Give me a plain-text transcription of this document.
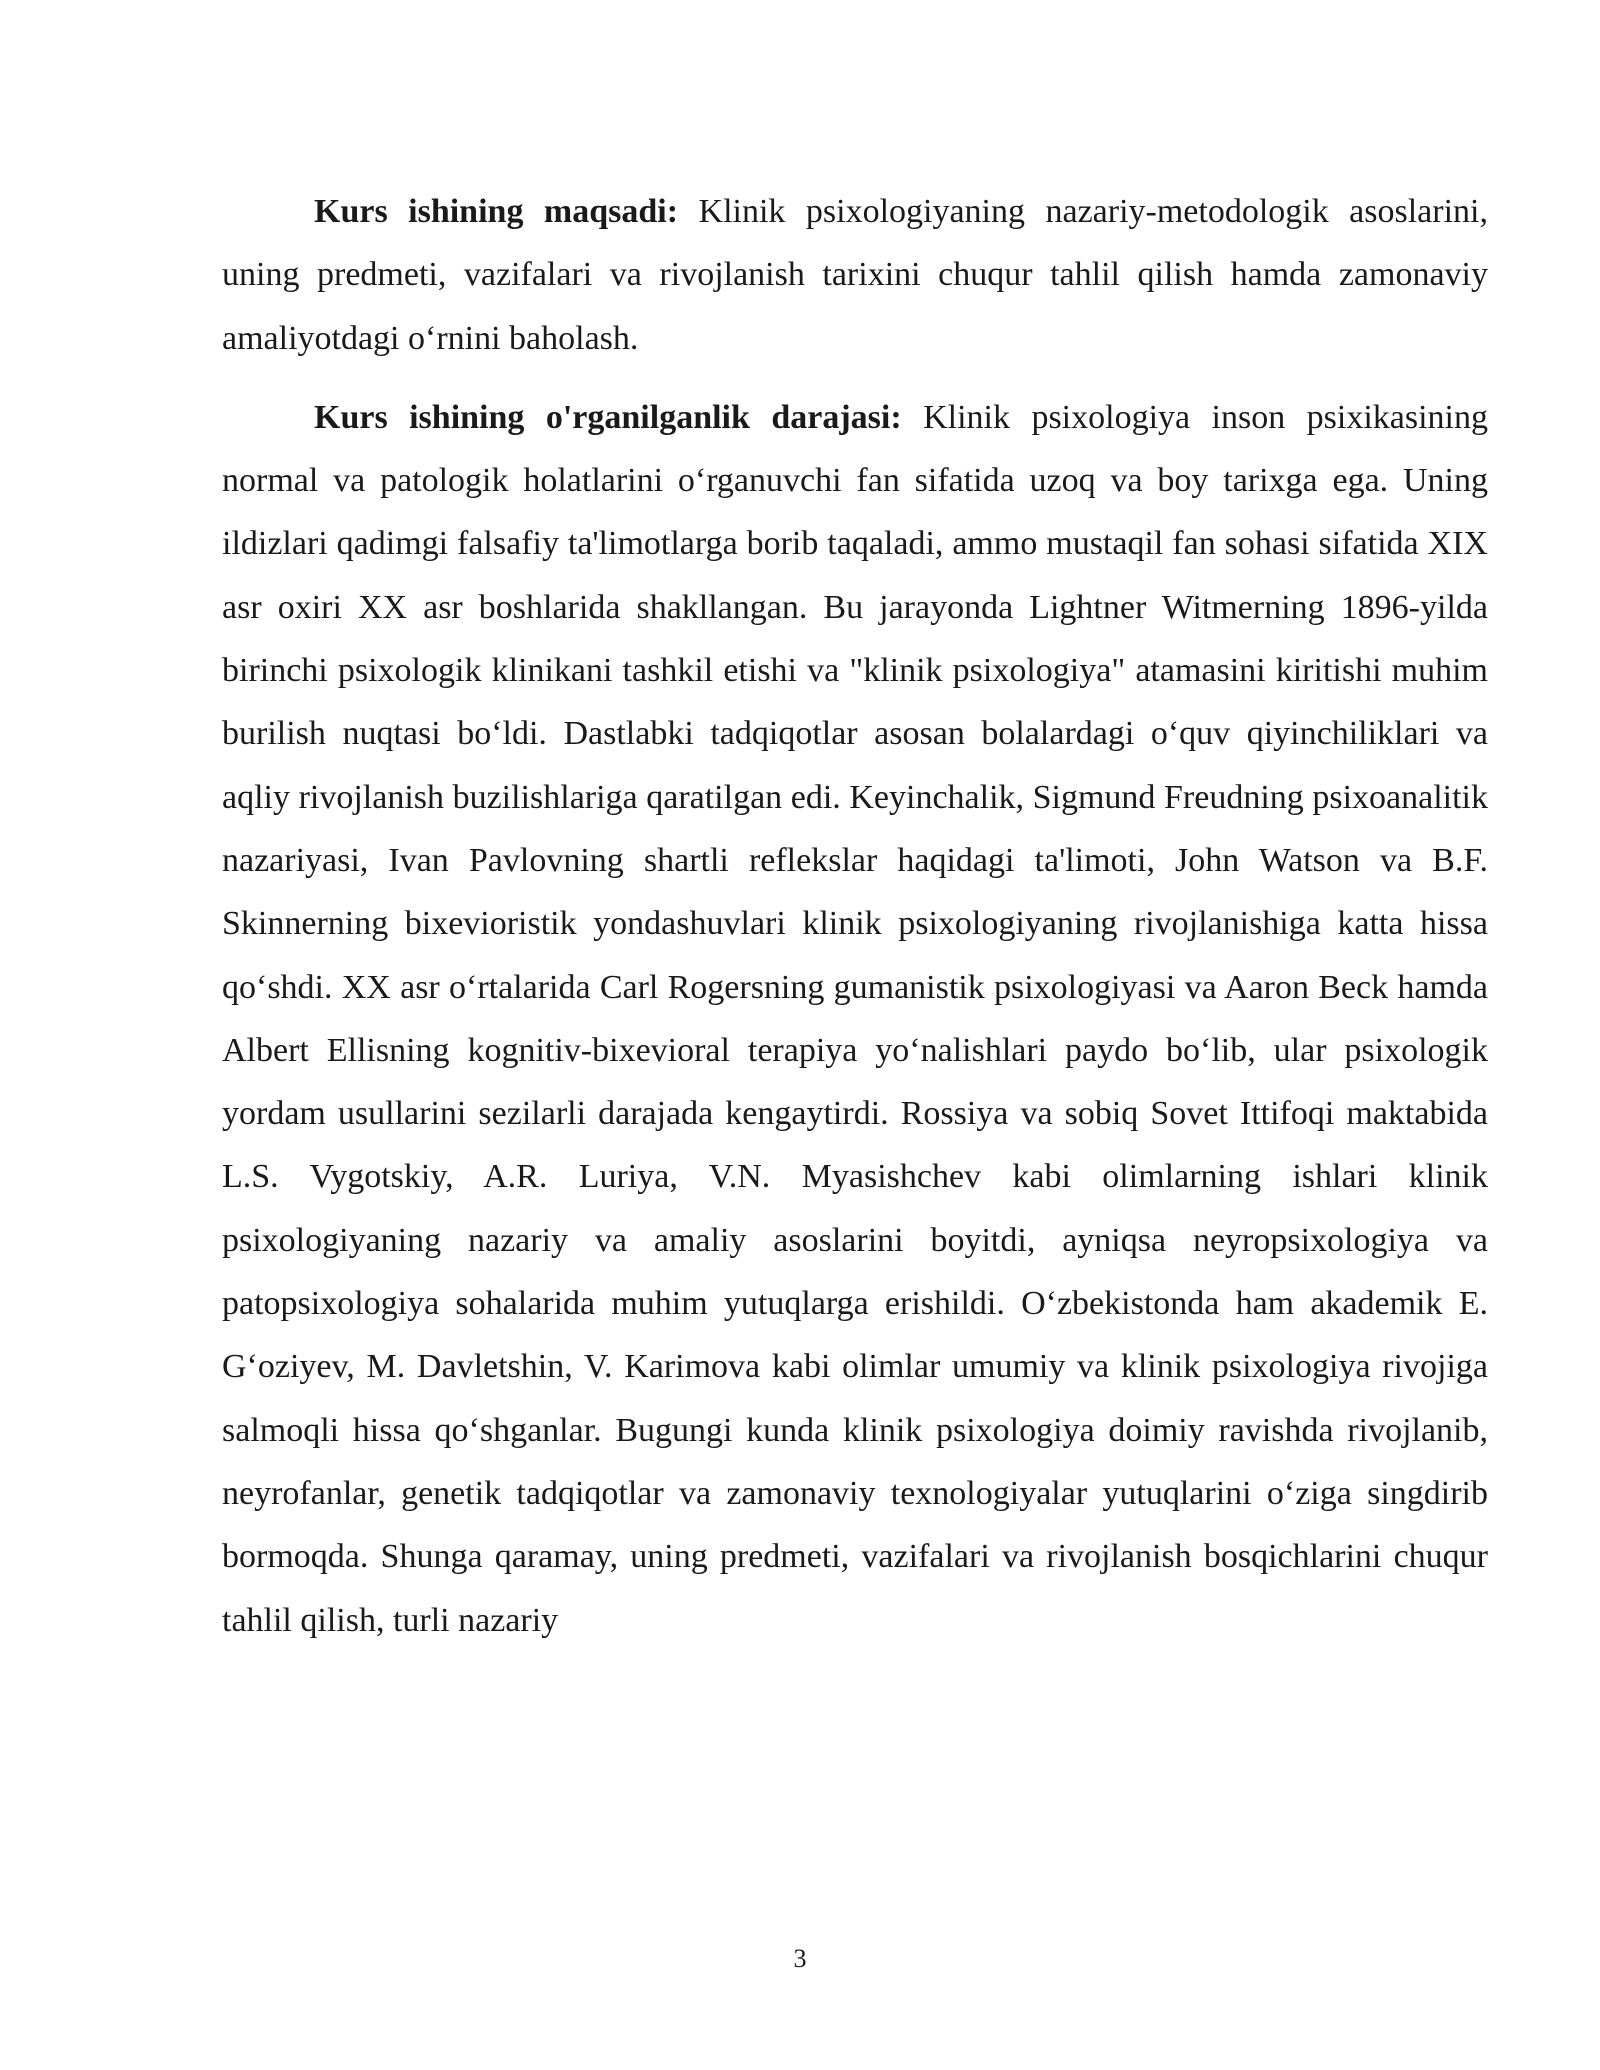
Kurs ishining maqsadi: Klinik psixologiyaning nazariy-metodologik asoslarini, uning predmeti, vazifalari va rivojlanish tarixini chuqur tahlil qilish hamda zamonaviy amaliyotdagi o‘rnini baholash.

Kurs ishining o'rganilganlik darajasi: Klinik psixologiya inson psixikasining normal va patologik holatlarini o‘rganuvchi fan sifatida uzoq va boy tarixga ega. Uning ildizlari qadimgi falsafiy ta'limotlarga borib taqaladi, ammo mustaqil fan sohasi sifatida XIX asr oxiri XX asr boshlarida shakllangan. Bu jarayonda Lightner Witmerning 1896-yilda birinchi psixologik klinikani tashkil etishi va "klinik psixologiya" atamasini kiritishi muhim burilish nuqtasi bo‘ldi. Dastlabki tadqiqotlar asosan bolalardagi o‘quv qiyinchiliklari va aqliy rivojlanish buzilishlariga qaratilgan edi. Keyinchalik, Sigmund Freudning psixoanalitik nazariyasi, Ivan Pavlovning shartli reflekslar haqidagi ta'limoti, John Watson va B.F. Skinnerning bixevioristik yondashuvlari klinik psixologiyaning rivojlanishiga katta hissa qo‘shdi. XX asr o‘rtalarida Carl Rogersning gumanistik psixologiyasi va Aaron Beck hamda Albert Ellisning kognitiv-bixevioral terapiya yo‘nalishlari paydo bo‘lib, ular psixologik yordam usullarini sezilarli darajada kengaytirdi. Rossiya va sobiq Sovet Ittifoqi maktabida L.S. Vygotskiy, A.R. Luriya, V.N. Myasishchev kabi olimlarning ishlari klinik psixologiyaning nazariy va amaliy asoslarini boyitdi, ayniqsa neyropsixologiya va patopsixologiya sohalarida muhim yutuqlarga erishildi. O‘zbekistonda ham akademik E. G‘oziyev, M. Davletshin, V. Karimova kabi olimlar umumiy va klinik psixologiya rivojiga salmoqli hissa qo‘shganlar. Bugungi kunda klinik psixologiya doimiy ravishda rivojlanib, neyrofanlar, genetik tadqiqotlar va zamonaviy texnologiyalar yutuqlarini o‘ziga singdirib bormoqda. Shunga qaramay, uning predmeti, vazifalari va rivojlanish bosqichlarini chuqur tahlil qilish, turli nazariy

3
